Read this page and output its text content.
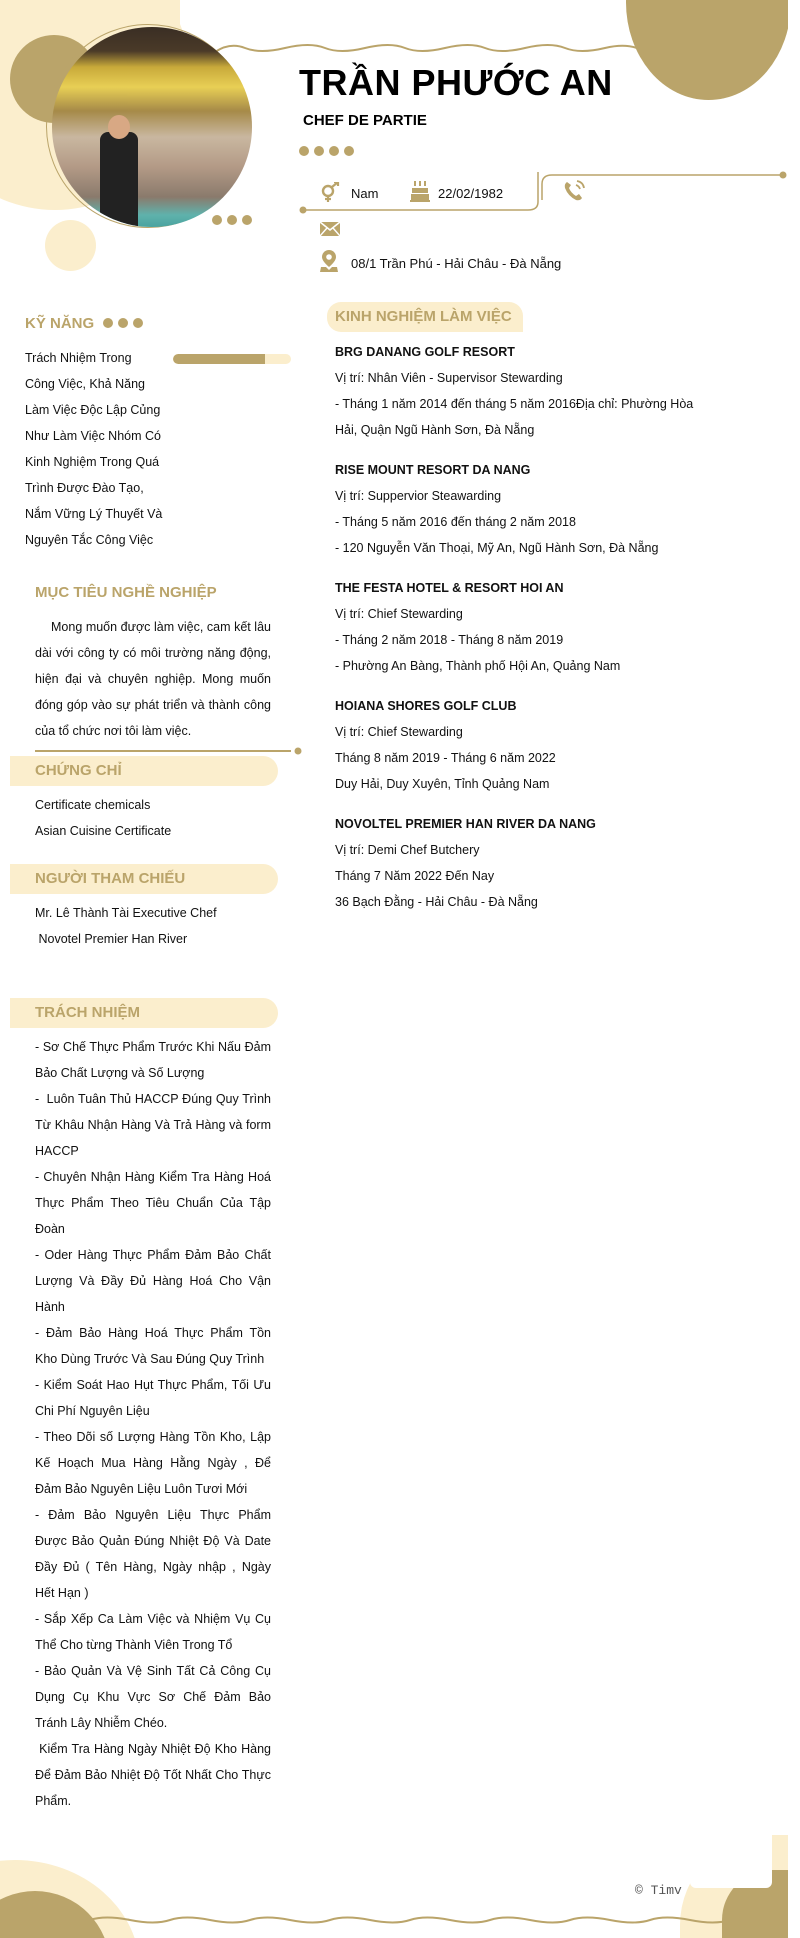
TRẦN PHƯỚC AN
CHEF DE PARTIE
Nam	22/02/1982
08/1 Trần Phú - Hải Châu - Đà Nẵng
KỸ NĂNG
Trách Nhiệm Trong
Công Việc, Khả Năng
Làm Việc Độc Lập Củng
Như Làm Việc Nhóm Có
Kinh Nghiệm Trong Quá
Trình Được Đào Tạo,
Nắm Vững Lý Thuyết Và
Nguyên Tắc Công Việc
MỤC TIÊU NGHỀ NGHIỆP
Mong muốn được làm việc, cam kết lâu dài với công ty có môi trường năng động, hiện đại và chuyên nghiệp. Mong muốn đóng góp vào sự phát triển và thành công của tổ chức nơi tôi làm việc.
CHỨNG CHỈ
Certificate chemicals
Asian Cuisine Certificate
NGƯỜI THAM CHIẾU
Mr. Lê Thành Tài Executive Chef
Novotel Premier Han River
TRÁCH NHIỆM

- Sơ Chế Thực Phẩm Trước Khi Nấu Đảm Bảo Chất Lượng và Số Lượng

-  Luôn Tuân Thủ HACCP Đúng Quy Trình Từ Khâu Nhận Hàng Và Trả Hàng và form HACCP

- Chuyên Nhận Hàng Kiểm Tra Hàng Hoá Thực Phẩm Theo Tiêu Chuẩn Của Tập Đoàn

- Oder Hàng Thực Phẩm Đảm Bảo Chất Lượng Và Đầy Đủ Hàng Hoá Cho Vận Hành

- Đảm Bảo Hàng Hoá Thực Phẩm Tồn Kho Dùng Trước Và Sau Đúng Quy Trình

- Kiểm Soát Hao Hụt Thực Phẩm, Tối Ưu Chi Phí Nguyên Liệu

- Theo Dõi số Lượng Hàng Tồn Kho, Lập Kế Hoạch Mua Hàng Hằng Ngày , Để Đảm Bảo Nguyên Liệu Luôn Tươi Mới

- Đảm Bảo Nguyên Liệu Thực Phẩm Được Bảo Quản Đúng Nhiệt Độ Và Date Đầy Đủ ( Tên Hàng, Ngày nhập , Ngày Hết Hạn )

- Sắp Xếp Ca Làm Việc và Nhiệm Vụ Cụ Thể Cho từng Thành Viên Trong Tổ

- Bảo Quản Và Vệ Sinh Tất Cả Công Cụ Dụng Cụ Khu Vực Sơ Chế Đảm Bảo Tránh Lây Nhiễm Chéo.

Kiểm Tra Hàng Ngày Nhiệt Độ Kho Hàng Để Đảm Bảo Nhiệt Độ Tốt Nhất Cho Thực Phẩm.

KINH NGHIỆM LÀM VIỆC
BRG DANANG GOLF RESORT
Vị trí: Nhân Viên - Supervisor Stewarding
- Tháng 1 năm 2014 đến tháng 5 năm 2016Địa chỉ: Phường Hòa
Hải, Quận Ngũ Hành Sơn, Đà Nẵng
RISE MOUNT RESORT DA NANG
Vị trí: Suppervior Steawarding
- Tháng 5 năm 2016 đến tháng 2 năm 2018
- 120 Nguyễn Văn Thoại, Mỹ An, Ngũ Hành Sơn, Đà Nẵng
THE FESTA HOTEL & RESORT HOI AN
Vị trí: Chief Stewarding
- Tháng 2 năm 2018 - Tháng 8 năm 2019
- Phường An Bàng, Thành phố Hội An, Quảng Nam
HOIANA SHORES GOLF CLUB
Vị trí: Chief Stewarding
Tháng 8 năm 2019 - Tháng 6 năm 2022
Duy Hải, Duy Xuyên, Tỉnh Quảng Nam
NOVOLTEL PREMIER HAN RIVER DA NANG
Vị trí: Demi Chef Butchery
Tháng 7 Năm 2022 Đến Nay
36 Bạch Đằng - Hải Châu - Đà Nẵng
© Timv
